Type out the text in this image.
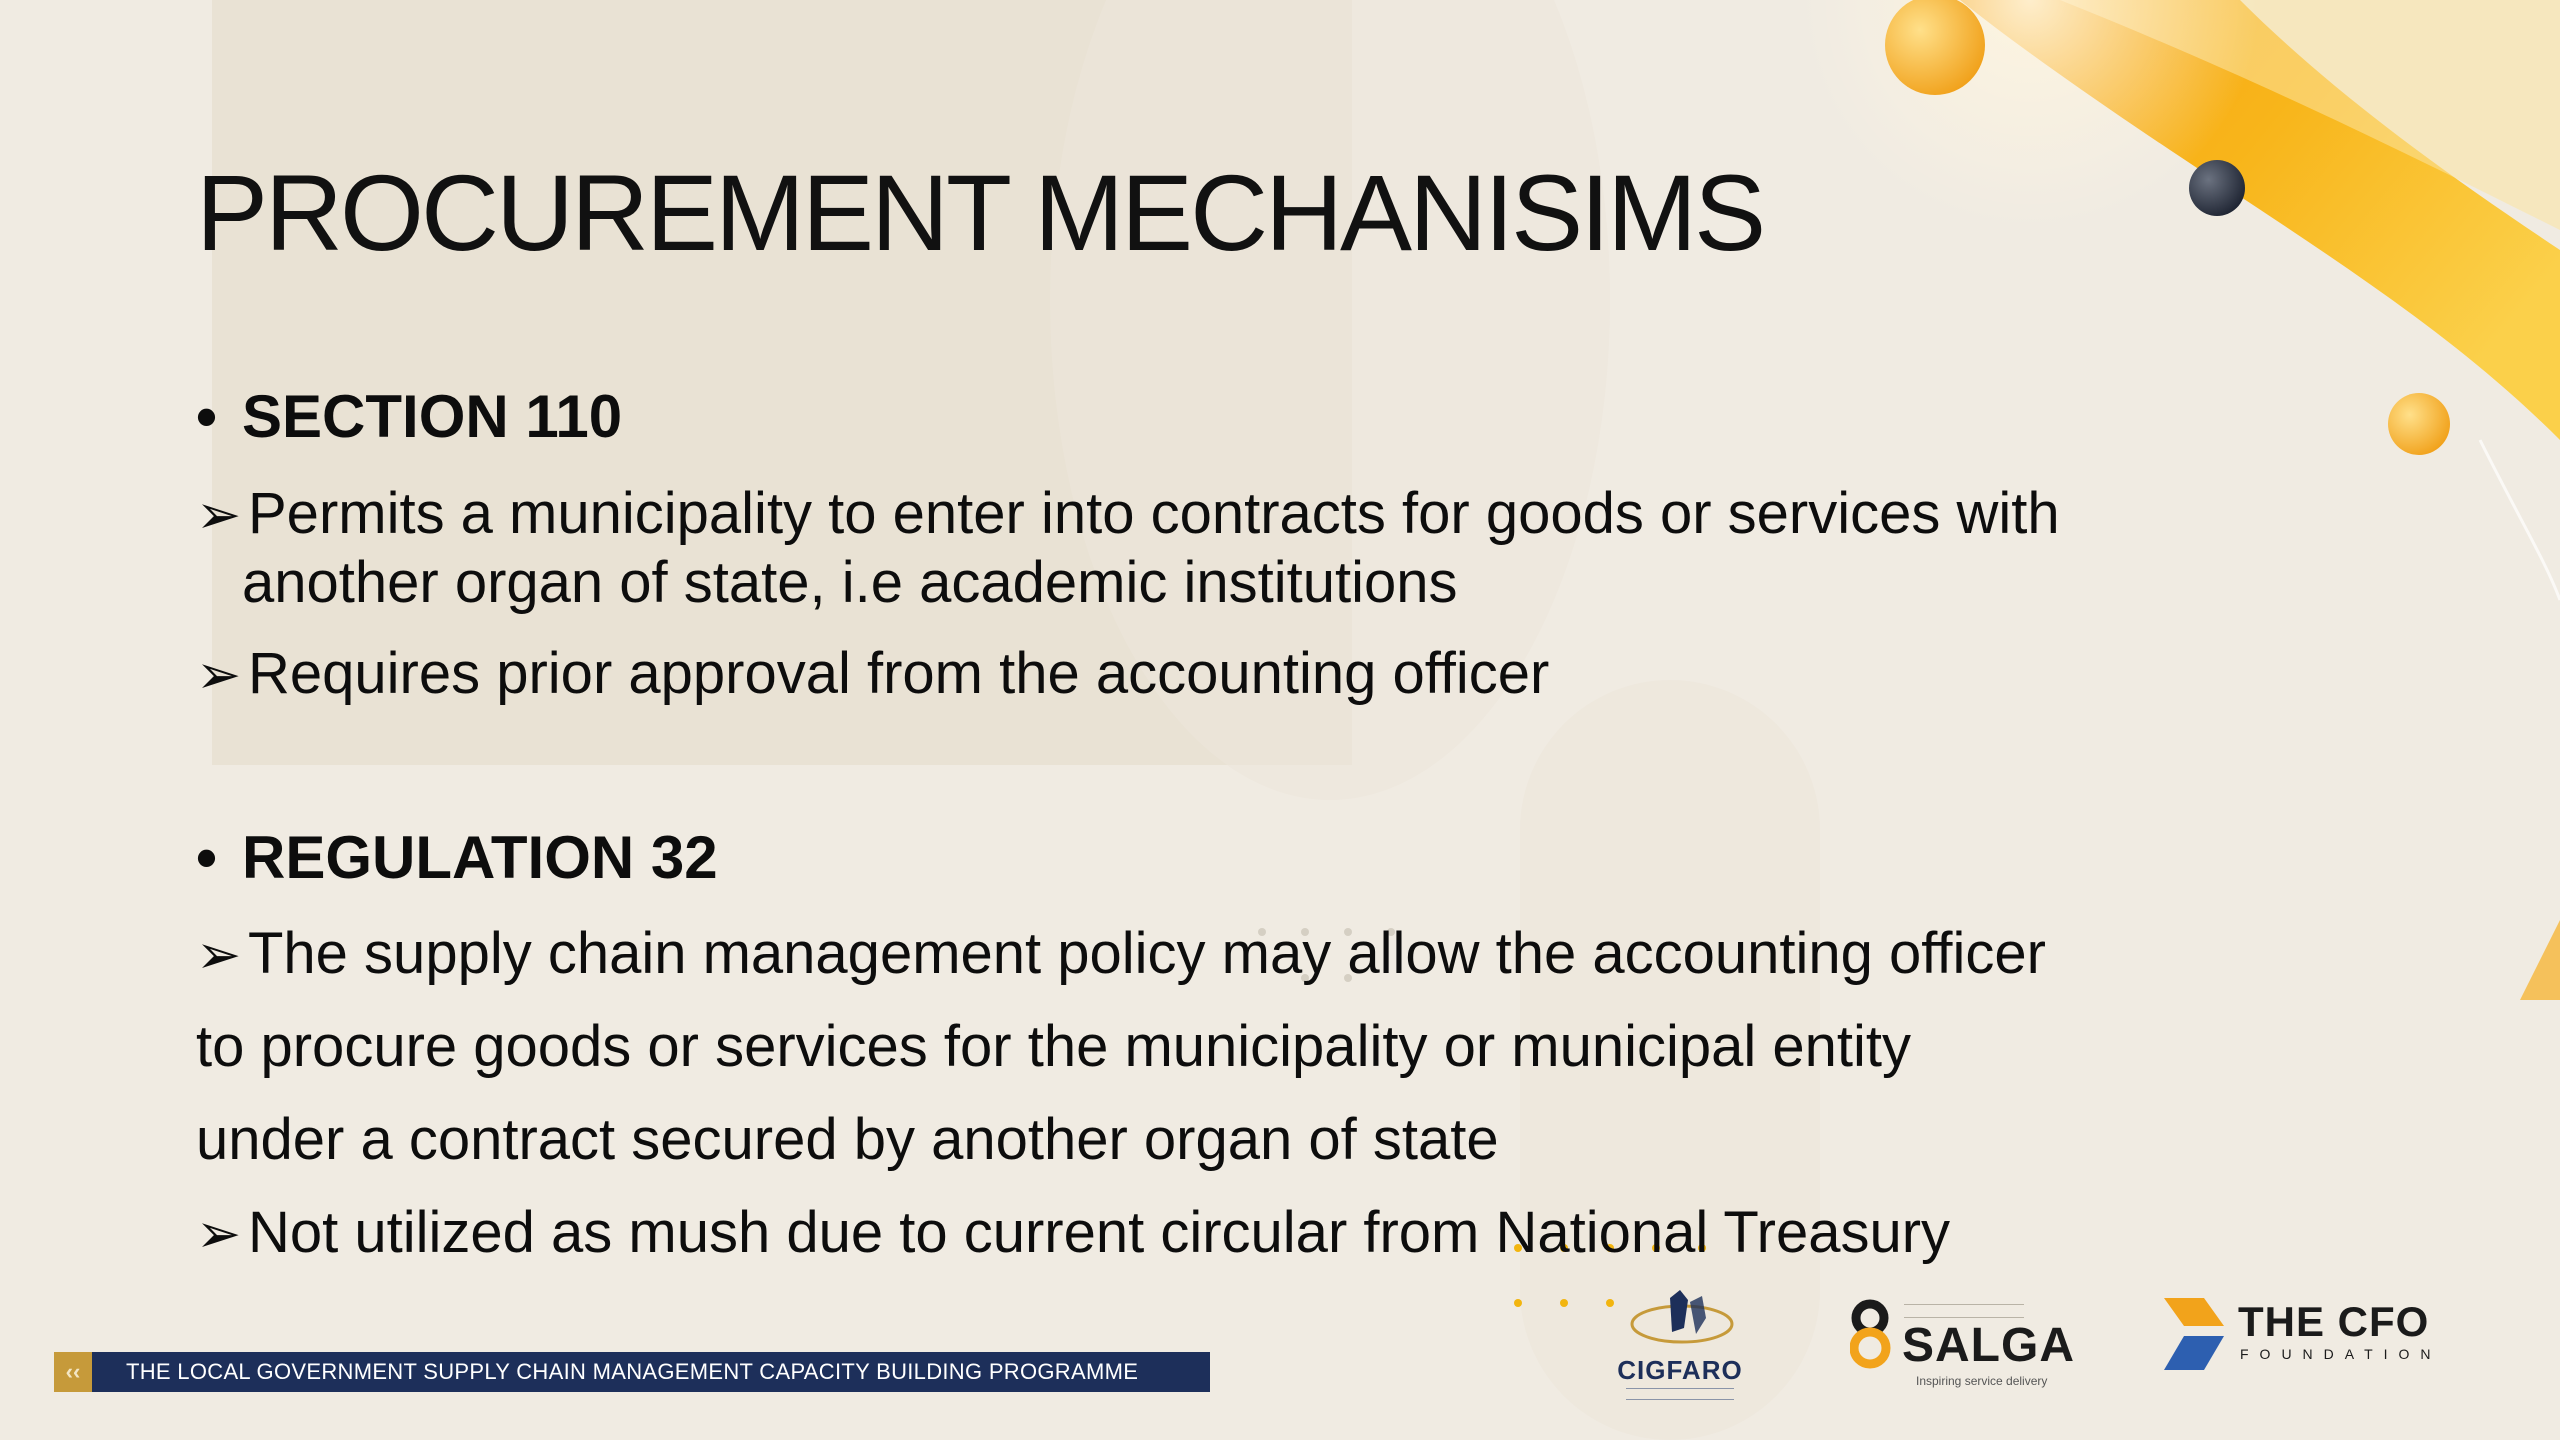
PROCUREMENT MECHANISIMS
• SECTION 110
➢ Permits a municipality to enter into contracts for goods or services with
another organ of state, i.e academic institutions
➢ Requires prior approval from the accounting officer
• REGULATION 32
➢ The supply chain management policy may allow the accounting officer
to procure goods or services for the municipality or municipal entity
under a contract secured by another organ of state
➢ Not utilized as mush due to current circular from National Treasury
‹‹	THE LOCAL GOVERNMENT SUPPLY CHAIN MANAGEMENT CAPACITY BUILDING PROGRAMME	CIGFARO	SALGA
Inspiring service delivery
THE CFO
FOUNDATION
